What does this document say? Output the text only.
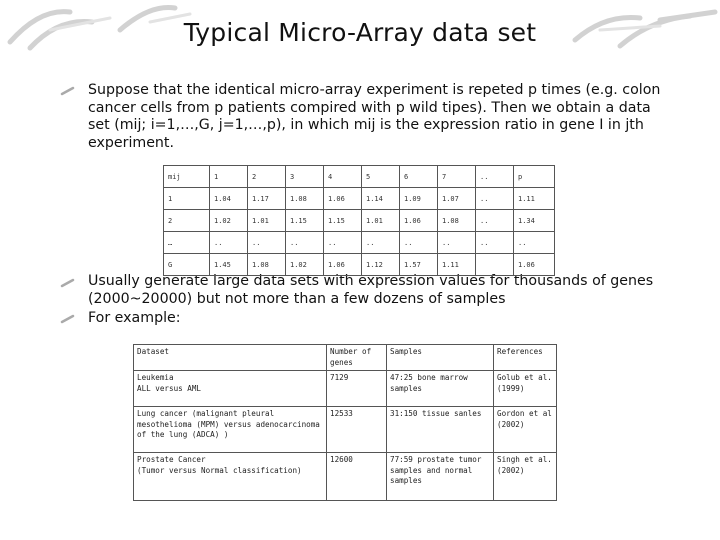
Typical Micro-Array data set
Suppose that the identical micro-array experiment is repeted p times (e.g. colon cancer cells from p patients compired with p wild tipes). Then we obtain a data set (mij; i=1,…,G, j=1,…,p), in which mij is the expression ratio in gene I in jth experiment.
Usually generate large data sets with expression values for thousands of genes (2000~20000) but not more than a few dozens of samples
For example:
mij	1	2	3	4	5	6	7	..	p
1	1.04	1.17	1.08	1.06	1.14	1.09	1.07	..	1.11
2	1.02	1.01	1.15	1.15	1.01	1.06	1.08	..	1.34
…	..	..	..	..	..	..	..	..	..
G	1.45	1.08	1.02	1.06	1.12	1.57	1.11		1.06
Dataset	Number of genes	Samples	References

Leukemia
ALL versus AML	7129	47:25 bone marrow samples	Golub et al. (1999)

Lung cancer (malignant pleural mesothelioma (MPM) versus adenocarcinoma of the lung (ADCA) )	12533	31:150 tissue sanles	Gordon et al (2002)

Prostate Cancer
(Tumor versus Normal classification)	12600	77:59 prostate tumor samples and normal samples	Singh et al. (2002)
